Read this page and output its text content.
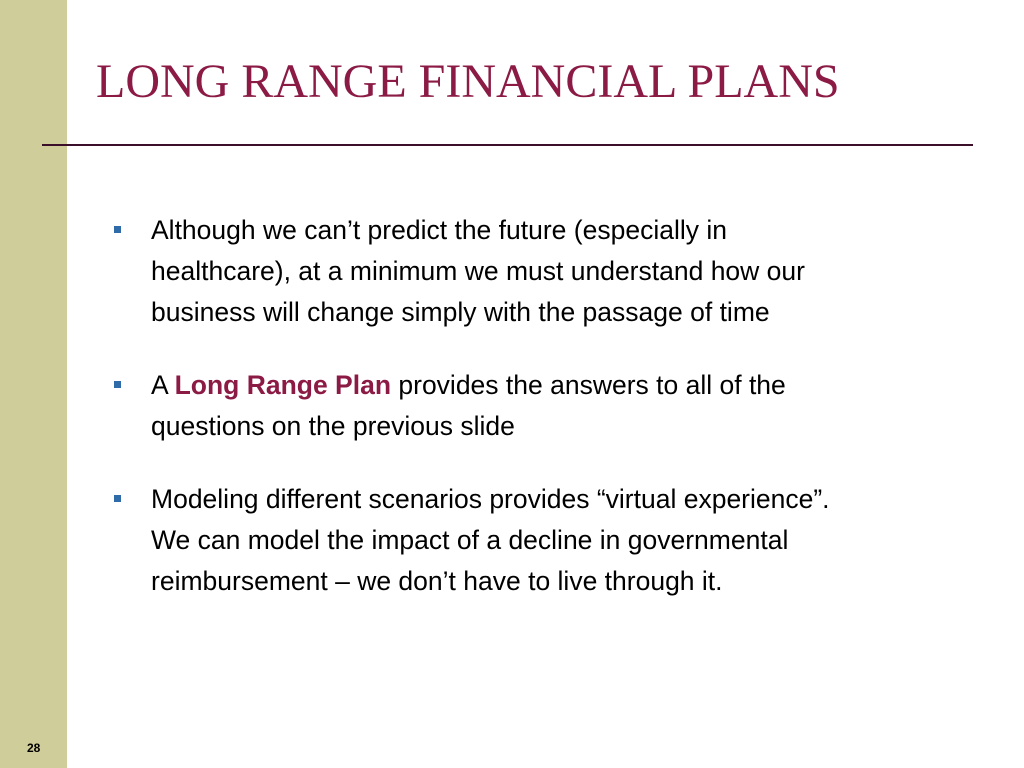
LONG RANGE FINANCIAL PLANS
Although we can’t predict the future (especially in healthcare), at a minimum we must understand how our business will change simply with the passage of time
A Long Range Plan provides the answers to all of the questions on the previous slide
Modeling different scenarios provides “virtual experience”.  We can model the impact of a decline in governmental reimbursement – we don’t have to live through it.
28
